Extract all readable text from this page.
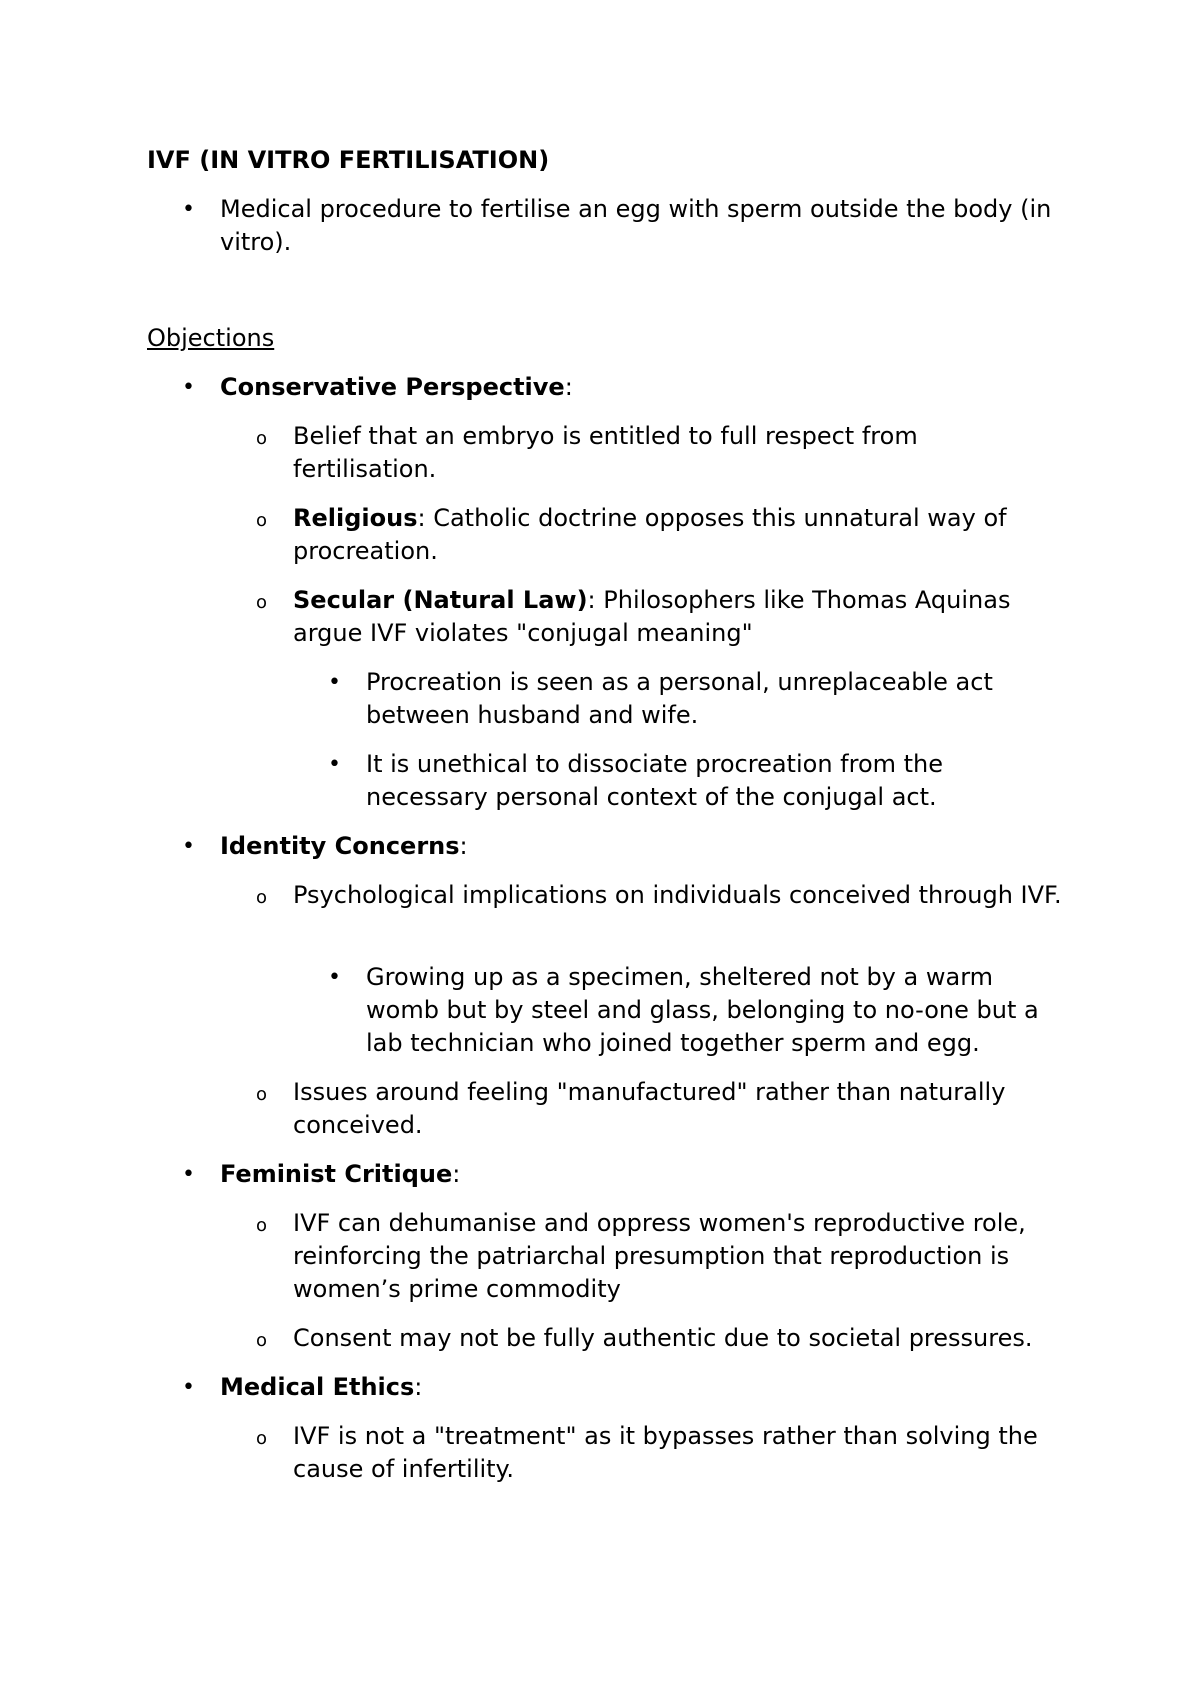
IVF (IN VITRO FERTILISATION)

•	Medical procedure to fertilise an egg with sperm outside the body (in vitro).

Objections

•	Conservative Perspective:
o	Belief that an embryo is entitled to full respect from fertilisation.
o	Religious: Catholic doctrine opposes this unnatural way of procreation.
o	Secular (Natural Law): Philosophers like Thomas Aquinas argue IVF violates "conjugal meaning"
•	Procreation is seen as a personal, unreplaceable act between husband and wife.
•	It is unethical to dissociate procreation from the necessary personal context of the conjugal act.
•	Identity Concerns:
o	Psychological implications on individuals conceived through IVF.
•	Growing up as a specimen, sheltered not by a warm womb but by steel and glass, belonging to no-one but a lab technician who joined together sperm and egg.
o	Issues around feeling "manufactured" rather than naturally conceived.
•	Feminist Critique:
o	IVF can dehumanise and oppress women's reproductive role, reinforcing the patriarchal presumption that reproduction is women’s prime commodity
o	Consent may not be fully authentic due to societal pressures.
•	Medical Ethics:
o	IVF is not a "treatment" as it bypasses rather than solving the cause of infertility.
